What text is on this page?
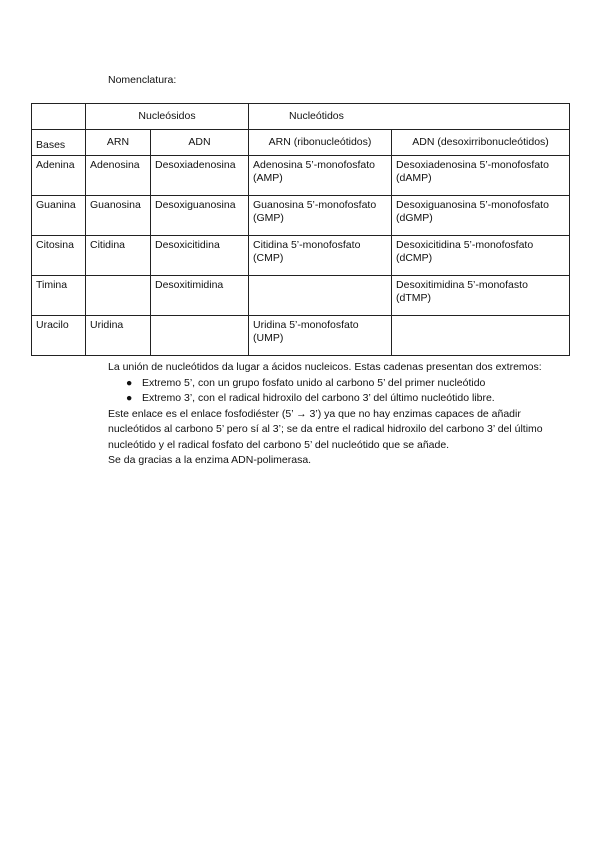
Nomenclatura:
	Nucleósidos		Nucleótidos	
Bases	ARN	ADN	ARN (ribonucleótidos)	ADN (desoxirribonucleótidos)
Adenina	Adenosina	Desoxiadenosina	Adenosina 5’-monofosfato (AMP)	Desoxiadenosina 5’-monofosfato (dAMP)
Guanina	Guanosina	Desoxiguanosina	Guanosina 5’-monofosfato (GMP)	Desoxiguanosina 5’-monofosfato (dGMP)
Citosina	Citidina	Desoxicitidina	Citidina 5’-monofosfato (CMP)	Desoxicitidina 5’-monofosfato (dCMP)
Timina		Desoxitimidina		Desoxitimidina 5’-monofasto (dTMP)
Uracilo	Uridina		Uridina 5’-monofosfato (UMP)	

La unión de nucleótidos da lugar a ácidos nucleicos. Estas cadenas presentan dos extremos:

● Extremo 5’, con un grupo fosfato unido al carbono 5’ del primer nucleótido
● Extremo 3’, con el radical hidroxilo del carbono 3’ del último nucleótido libre.

Este enlace es el enlace fosfodiéster (5’ → 3’) ya que no hay enzimas capaces de añadir nucleótidos al carbono 5’ pero sí al 3’; se da entre el radical hidroxilo del carbono 3’ del último nucleótido y el radical fosfato del carbono 5’ del nucleótido que se añade.

Se da gracias a la enzima ADN-polimerasa.
